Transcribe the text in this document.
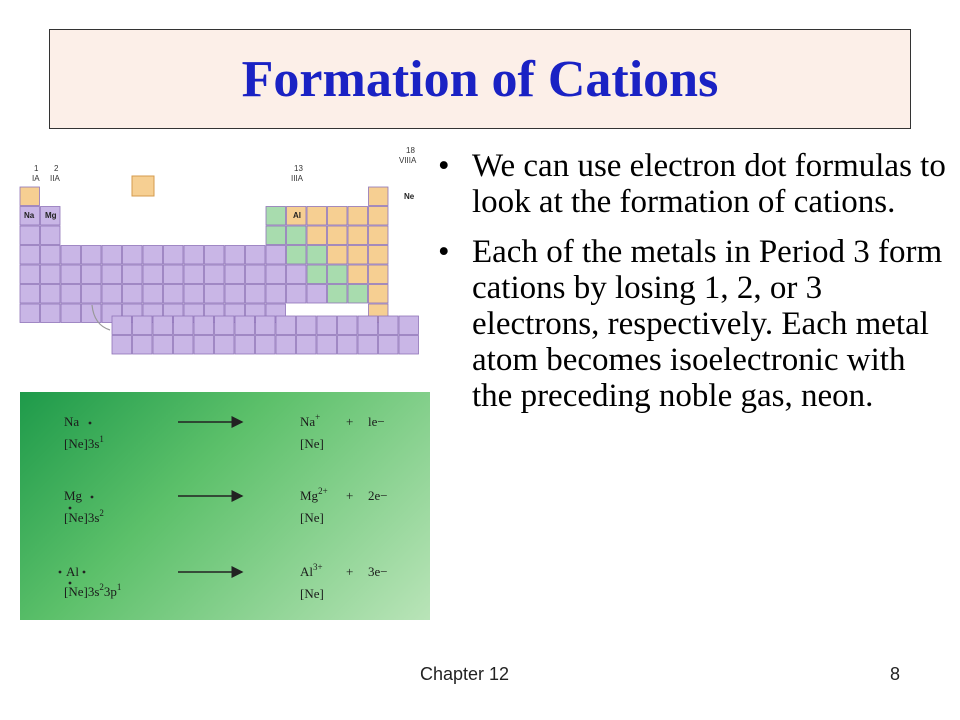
Formation of Cations
1
IA
2
IIA
13
IIIA
18
VIIIA
Na Mg	Al
Ne
Na
$[Ne]3s^1$
Na+
[Ne]
+ le−
Mg
$[Ne]3s^2$
$Mg^{2+}$
[Ne]
+ 2e−
Al
$[Ne]3s^23p^1$
$Al^{3+}$
[Ne]
+ 3e−
• We can use electron dot formulas to look at the formation of cations.
• Each of the metals in Period 3 form cations by losing 1, 2, or 3 electrons, respectively. Each metal atom becomes isoelectronic with the preceding noble gas, neon.
Chapter 12	8
